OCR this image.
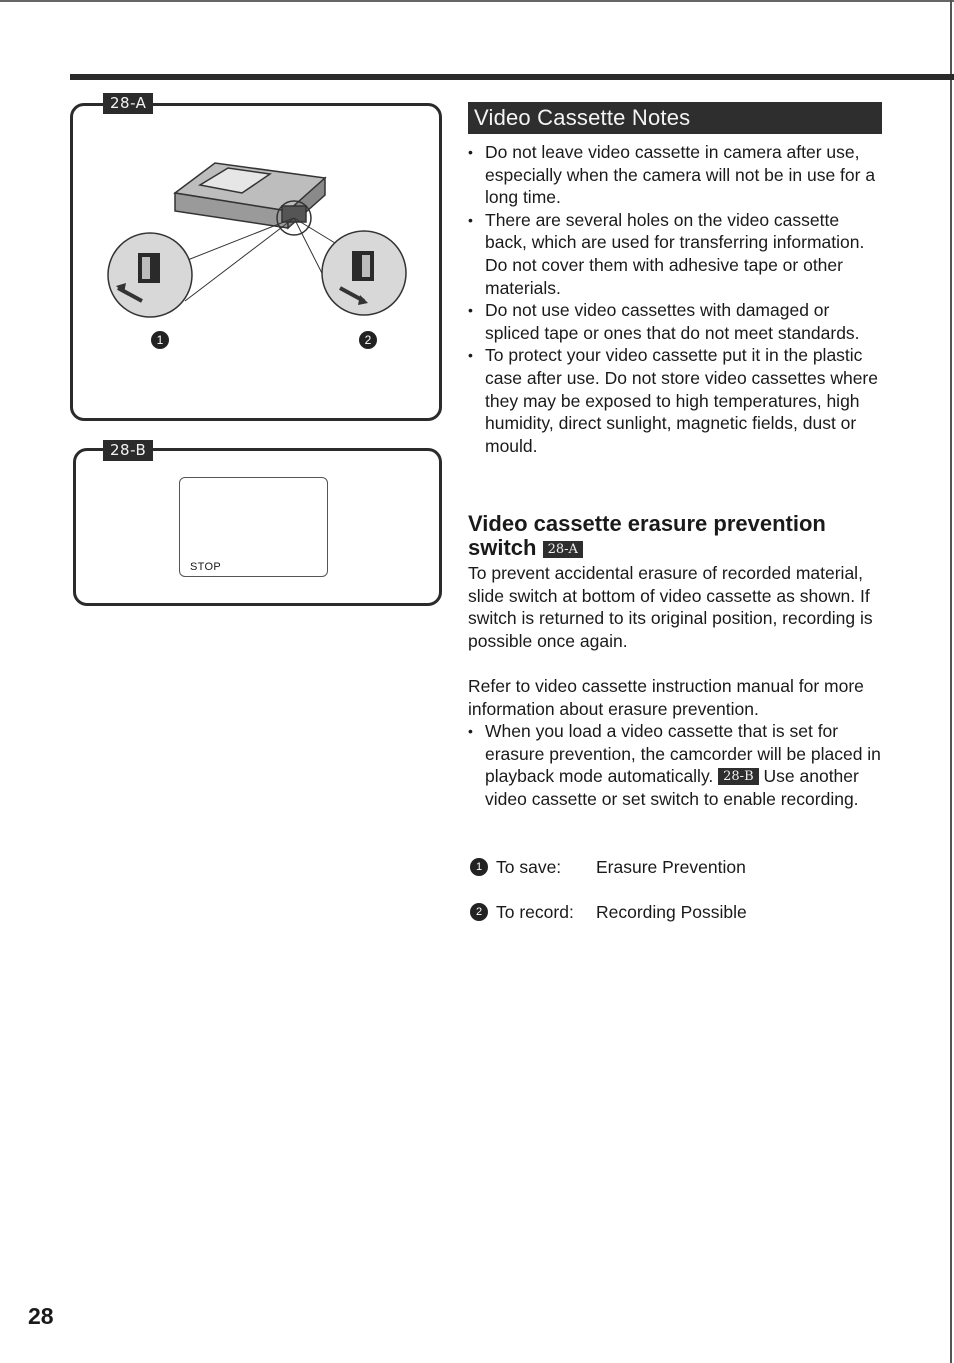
28-A
1	2
28-B
STOP
Video Cassette Notes
• Do not leave video cassette in camera after use, especially when the camera will not be in use for a long time.
• There are several holes on the video cassette back, which are used for transferring information. Do not cover them with adhesive tape or other materials.
• Do not use video cassettes with damaged or spliced tape or ones that do not meet standards.
• To protect your video cassette put it in the plastic case after use. Do not store video cassettes where they may be exposed to high temperatures, high humidity, direct sunlight, magnetic fields, dust or mould.
Video cassette erasure prevention switch 28-A

To prevent accidental erasure of recorded material, slide switch at bottom of video cassette as shown. If switch is returned to its original position, recording is possible once again.

Refer to video cassette instruction manual for more information about erasure prevention.

• When you load a video cassette that is set for erasure prevention, the camcorder will be placed in playback mode automatically. 28-B Use another video cassette or set switch to enable recording.
1 To save:	Erasure Prevention
2 To record:	Recording Possible
28
